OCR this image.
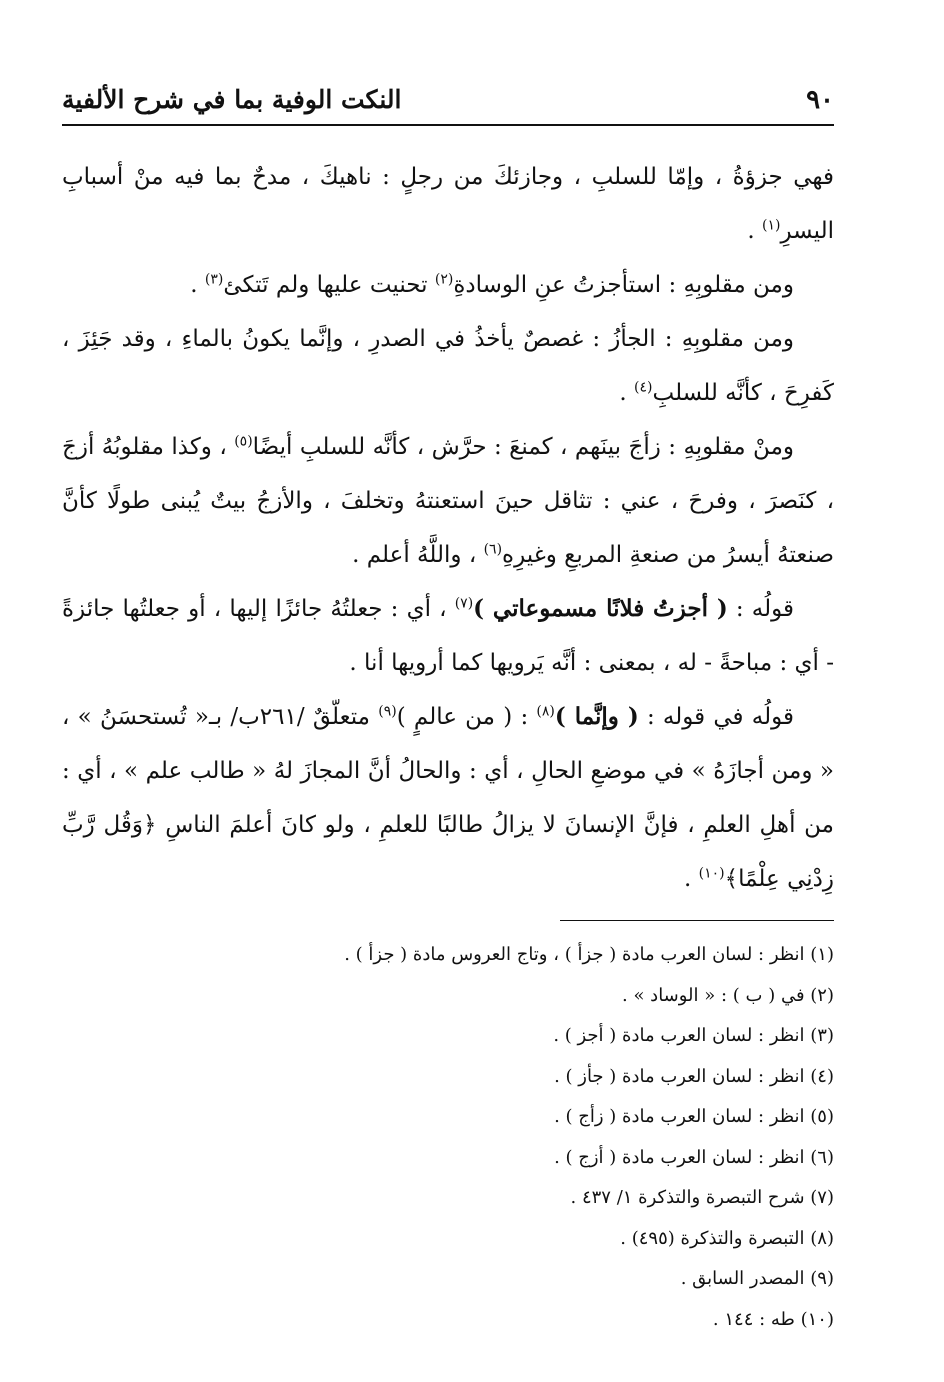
٩٠
النكت الوفية بما في شرح الألفية

فهي جزؤةُ ، وإمّا للسلبِ ، وجازئكَ من رجلٍ : ناهيكَ ، مدحٌ بما فيه منْ أسبابِ اليسرِ$^{(١)}$ .

ومن مقلوبِهِ : استأجزتُ عنِ الوسادةِ$^{(٢)}$ تحنيت عليها ولم تَتكئ$^{(٣)}$ .

ومن مقلوبِهِ : الجأزُ : غصصٌ يأخذُ في الصدرِ ، وإنَّما يكونُ بالماءِ ، وقد جَئِزَ ، كَفرِحَ ، كأنَّه للسلبِ$^{(٤)}$ .

ومنْ مقلوبِهِ : زأجَ بينَهم ، كمنعَ : حرَّش ، كأنَّه للسلبِ أيضًا$^{(٥)}$ ، وكذا مقلوبُهُ أزجَ ، كنَصرَ ، وفرحَ ، عني : تثاقل حينَ استعنتهُ وتخلفَ ، والأزجُ بيتٌ يُبنى طولًا كأنَّ صنعتهُ أيسرُ من صنعةِ المربعِ وغيرِهِ$^{(٦)}$ ، واللَّهُ أعلم .

قولُه : ( أجزتُ فلانًا مسموعاتي )$^{(٧)}$ ، أي : جعلتُهُ جائزًا إليها ، أو جعلتُها جائزةً - أي : مباحةً - له ، بمعنى : أنَّه يَرويها كما أرويها أنا .

قولُه في قوله : ( وإنَّما )$^{(٨)}$ : ( من عالمٍ )$^{(٩)}$ متعلّقٌ /٢٦١ب/ بـ« تُستحسَنُ » ، « ومن أجازَهُ » في موضعِ الحالِ ، أي : والحالُ أنَّ المجازَ لهُ « طالب علم » ، أي : من أهلِ العلمِ ، فإنَّ الإنسانَ لا يزالُ طالبًا للعلمِ ، ولو كانَ أعلمَ الناسِ ﴿وَقُل رَّبِّ زِدْنِي عِلْمًا﴾$^{(١٠)}$ .

(١) انظر : لسان العرب مادة ( جزأ ) ، وتاج العروس مادة ( جزأ ) .

(٢) في ( ب ) : « الوساد » .

(٣) انظر : لسان العرب مادة ( أجز ) .

(٤) انظر : لسان العرب مادة ( جأز ) .

(٥) انظر : لسان العرب مادة ( زأج ) .

(٦) انظر : لسان العرب مادة ( أزج ) .

(٧) شرح التبصرة والتذكرة ١/ ٤٣٧ .

(٨) التبصرة والتذكرة (٤٩٥) .

(٩) المصدر السابق .

(١٠) طه : ١٤٤ .
